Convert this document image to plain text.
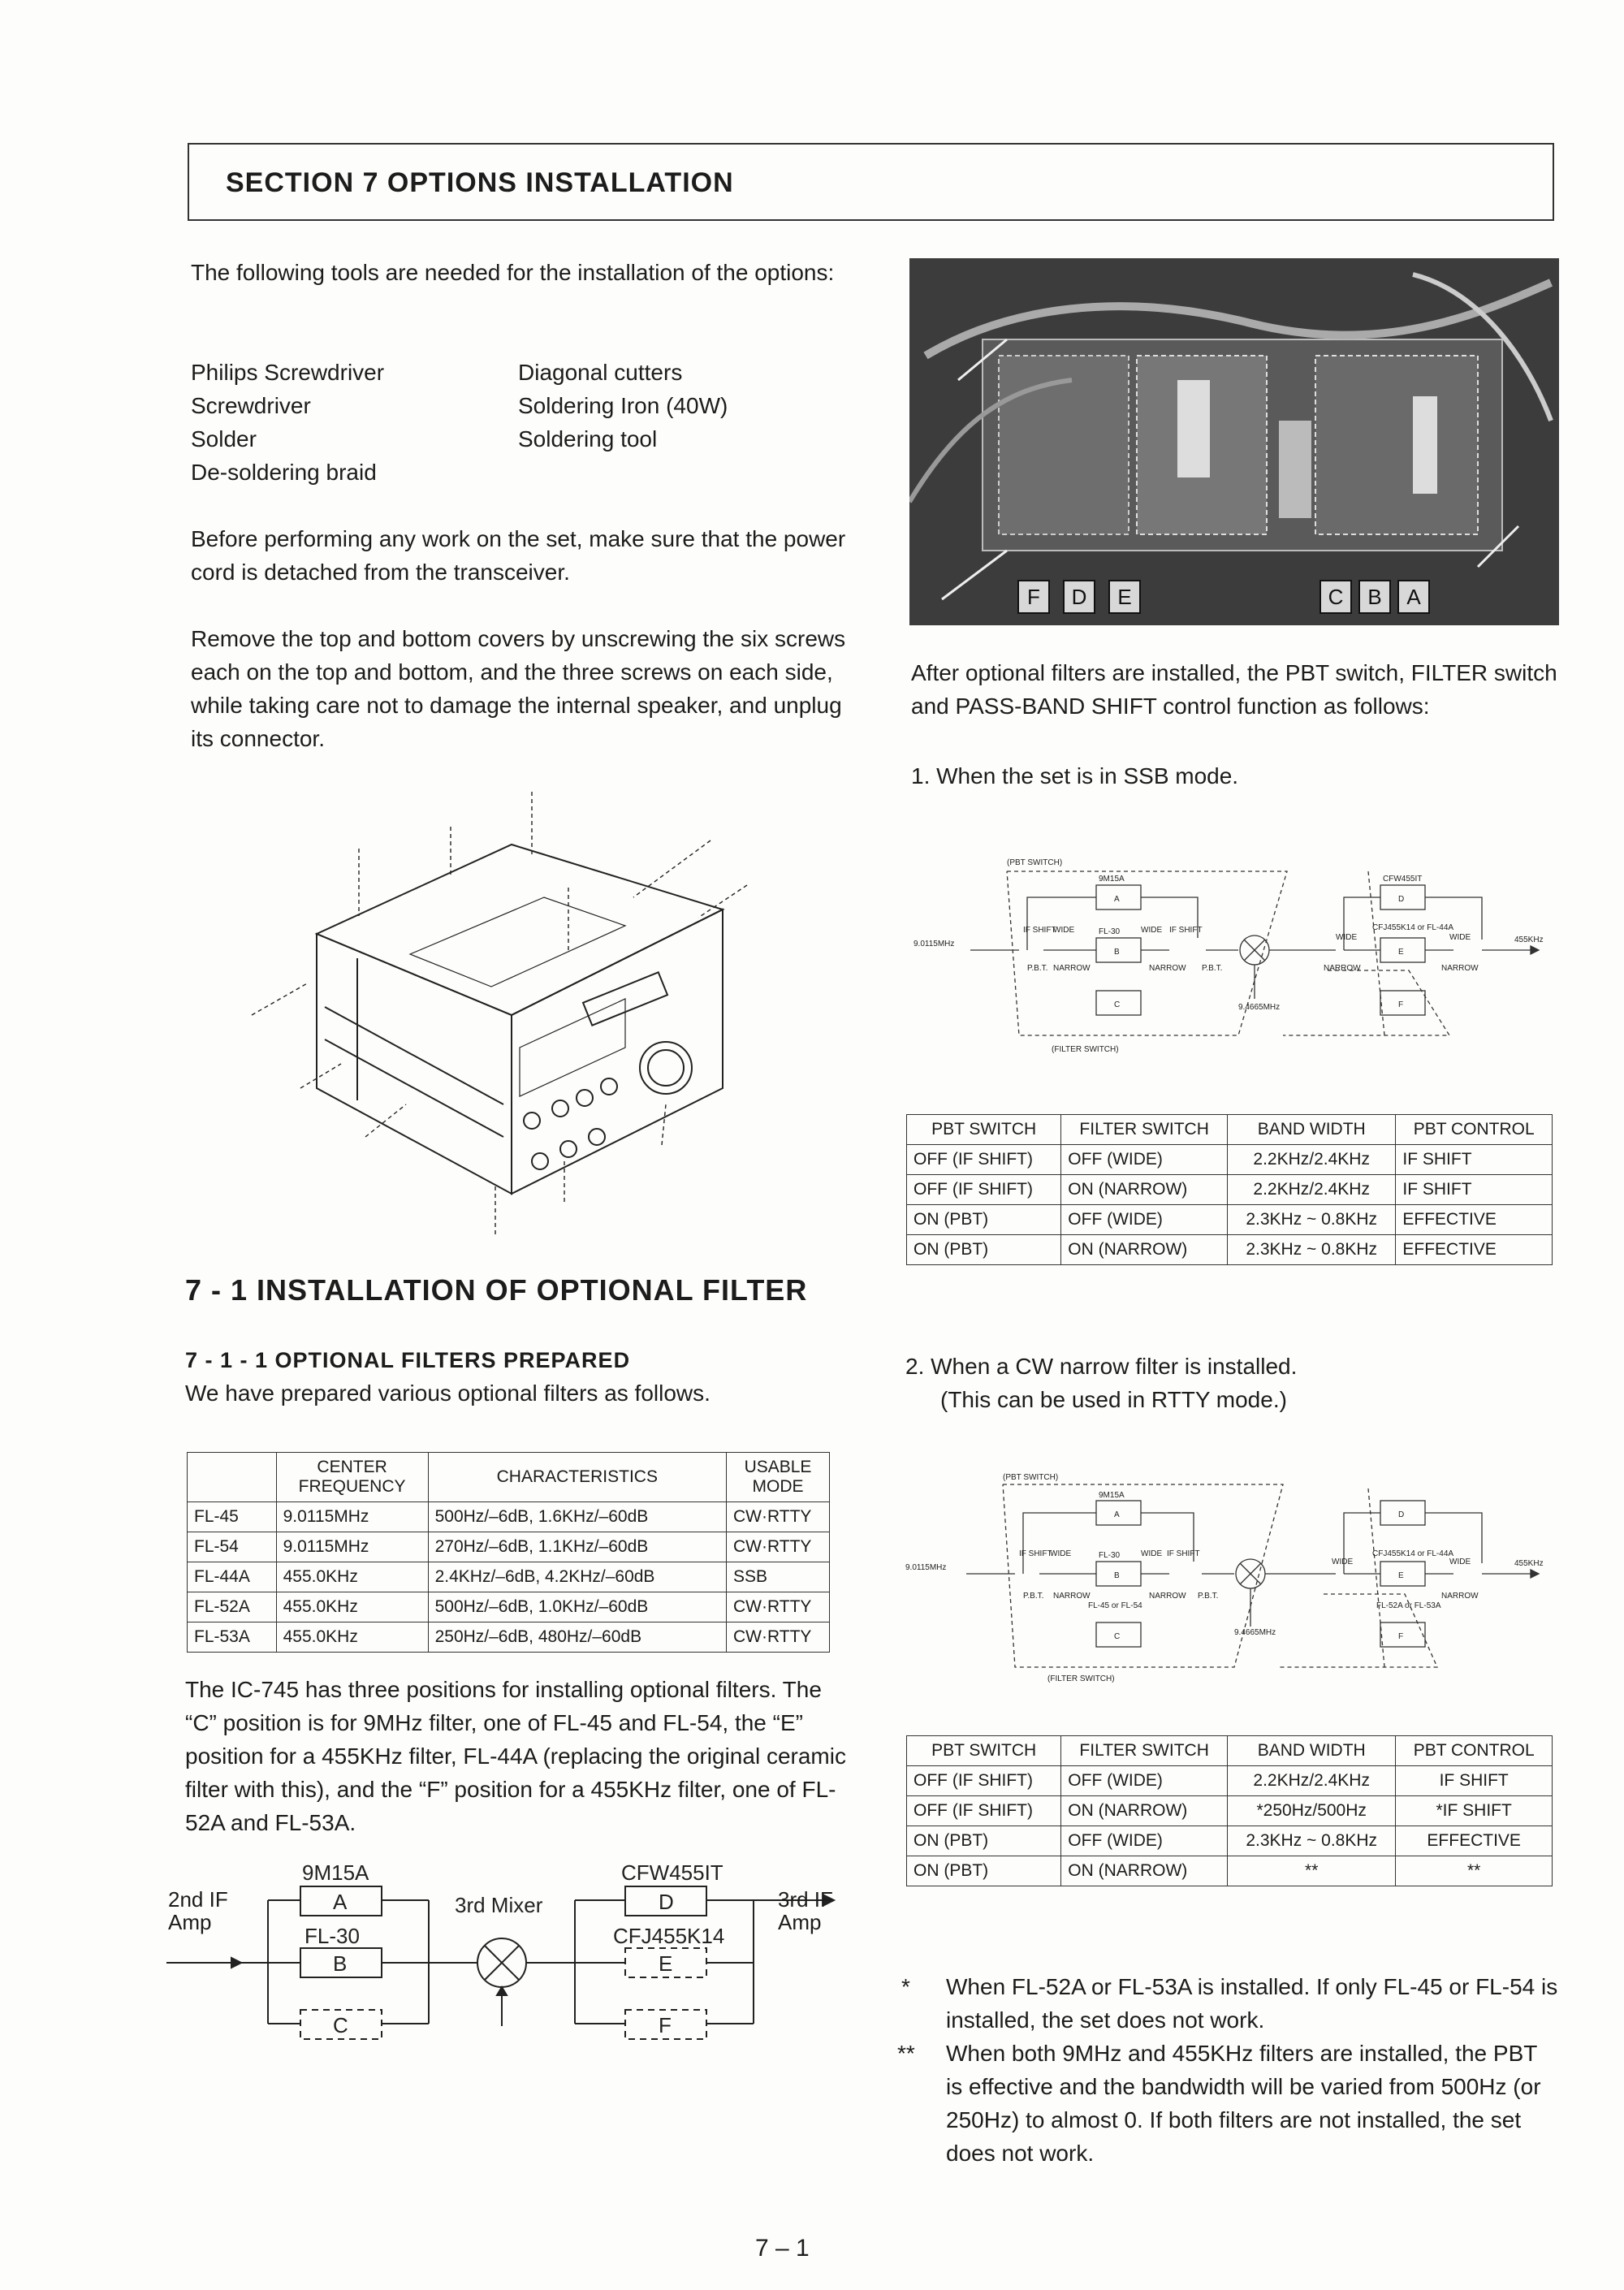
SECTION 7 OPTIONS INSTALLATION
The following tools are needed for the installation of the options:
Philips Screwdriver
Screwdriver
Solder
De-soldering braid
Diagonal cutters
Soldering Iron (40W)
Soldering tool
Before performing any work on the set, make sure that the power cord is detached from the transceiver.
Remove the top and bottom covers by unscrewing the six screws each on the top and bottom, and the three screws on each side, while taking care not to damage the internal speaker, and unplug its connector.
F	D	E	C	B	A
After optional filters are installed, the PBT switch, FILTER switch and PASS-BAND SHIFT control function as follows:
1. When the set is in SSB mode.
(PBT SWITCH)
9M15A
A
FL-30
B
C
9.0115MHz
IF SHIFT
WIDE
P.B.T. NARROW
WIDE IF SHIFT
NARROW P.B.T.
9.4665MHz
(FILTER SWITCH)
CFW455IT
D
CFJ455K14 or FL-44A
E
F
WIDE	WIDE
NARROW	NARROW
455KHz
PBT SWITCH	FILTER SWITCH	BAND WIDTH	PBT CONTROL
OFF (IF SHIFT)	OFF (WIDE)	2.2KHz/2.4KHz	IF SHIFT
OFF (IF SHIFT)	ON (NARROW)	2.2KHz/2.4KHz	IF SHIFT
ON (PBT)	OFF (WIDE)	2.3KHz ~ 0.8KHz	EFFECTIVE
ON (PBT)	ON (NARROW)	2.3KHz ~ 0.8KHz	EFFECTIVE
7 - 1 INSTALLATION OF OPTIONAL FILTER
7 - 1 - 1 OPTIONAL FILTERS PREPARED
We have prepared various optional filters as follows.
	CENTER FREQUENCY	CHARACTERISTICS	USABLE MODE
FL-45	9.0115MHz	500Hz/–6dB, 1.6KHz/–60dB	CW·RTTY
FL-54	9.0115MHz	270Hz/–6dB, 1.1KHz/–60dB	CW·RTTY
FL-44A	455.0KHz	2.4KHz/–6dB, 4.2KHz/–60dB	SSB
FL-52A	455.0KHz	500Hz/–6dB, 1.0KHz/–60dB	CW·RTTY
FL-53A	455.0KHz	250Hz/–6dB, 480Hz/–60dB	CW·RTTY
The IC-745 has three positions for installing optional filters. The “C” position is for 9MHz filter, one of FL-45 and FL-54, the “E” position for a 455KHz filter, FL-44A (replacing the original ceramic filter with this), and the “F” position for a 455KHz filter, one of FL-52A and FL-53A.
9M15A
A
FL-30
B
C
3rd Mixer
CFW455IT
D
CFJ455K14
E
F
2nd IF Amp
3rd IF Amp
2. When a CW narrow filter is installed.
(This can be used in RTTY mode.)
(PBT SWITCH)
9M15A
A
FL-30
B
FL-45 or FL-54
C
9.0115MHz
IF SHIFT
WIDE
P.B.T. NARROW
WIDE IF SHIFT
NARROW P.B.T.
9.4665MHz
(FILTER SWITCH)
D
CFJ455K14 or FL-44A
E
FL-52A or FL-53A
F
WIDE	WIDE
NARROW
455KHz
PBT SWITCH	FILTER SWITCH	BAND WIDTH	PBT CONTROL
OFF (IF SHIFT)	OFF (WIDE)	2.2KHz/2.4KHz	IF SHIFT
OFF (IF SHIFT)	ON (NARROW)	*250Hz/500Hz	*IF SHIFT
ON (PBT)	OFF (WIDE)	2.3KHz ~ 0.8KHz	EFFECTIVE
ON (PBT)	ON (NARROW)	**	**
* When FL-52A or FL-53A is installed. If only FL-45 or FL-54 is installed, the set does not work.
** When both 9MHz and 455KHz filters are installed, the PBT is effective and the bandwidth will be varied from 500Hz (or 250Hz) to almost 0. If both filters are not installed, the set does not work.
7 – 1
